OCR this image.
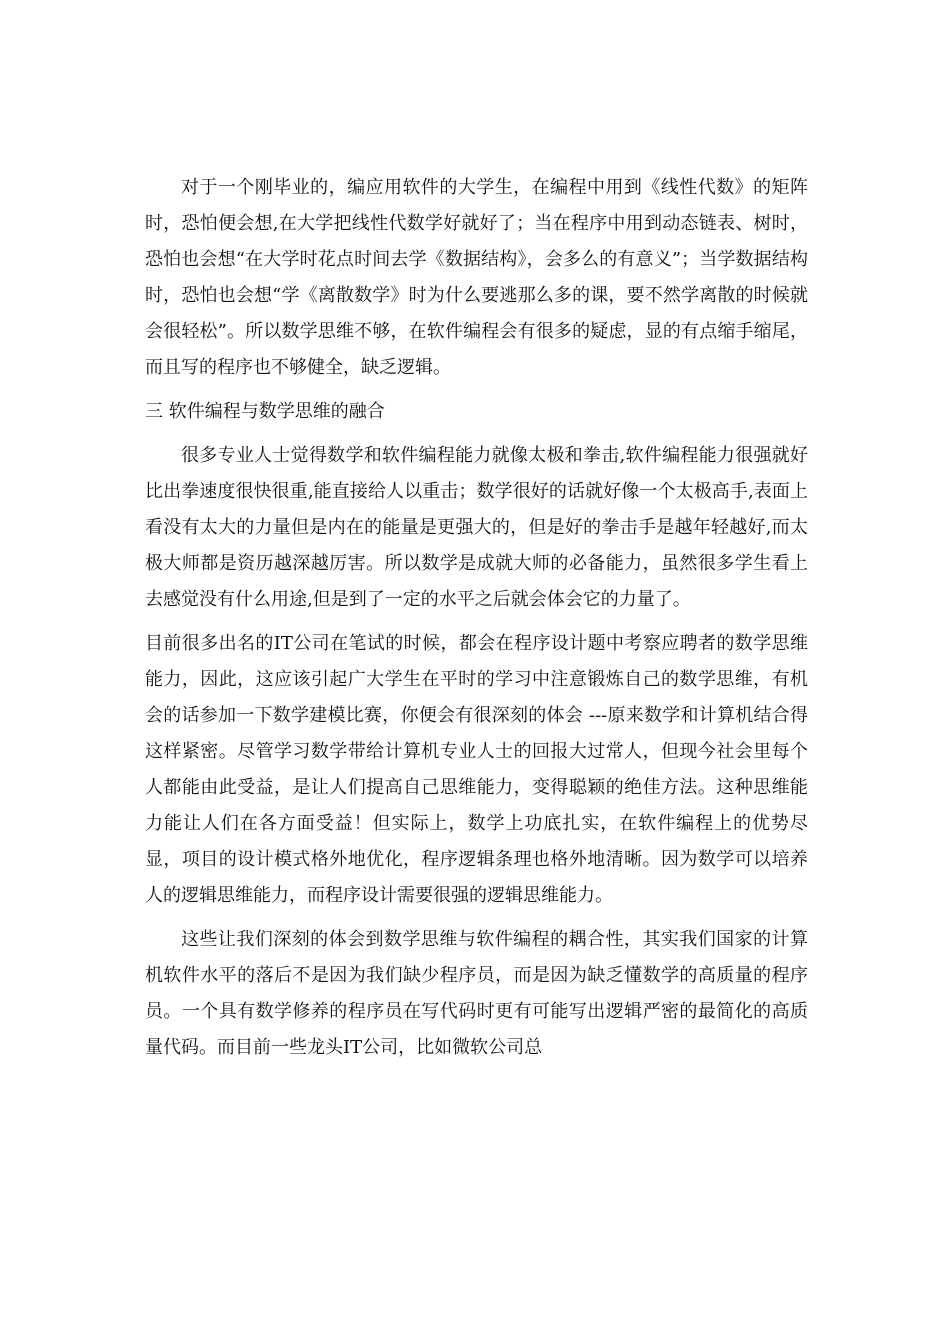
对于一个刚毕业的，编应用软件的大学生，在编程中用到《线性代数》的矩阵时，恐怕便会想,在大学把线性代数学好就好了；当在程序中用到动态链表、树时，恐怕也会想“在大学时花点时间去学《数据结构》，会多么的有意义”；当学数据结构时，恐怕也会想“学《离散数学》时为什么要逃那么多的课，要不然学离散的时候就会很轻松”。所以数学思维不够，在软件编程会有很多的疑虑，显的有点缩手缩尾，而且写的程序也不够健全，缺乏逻辑。

三 软件编程与数学思维的融合

很多专业人士觉得数学和软件编程能力就像太极和拳击,软件编程能力很强就好比出拳速度很快很重,能直接给人以重击；数学很好的话就好像一个太极高手,表面上看没有太大的力量但是内在的能量是更强大的，但是好的拳击手是越年轻越好,而太极大师都是资历越深越厉害。所以数学是成就大师的必备能力，虽然很多学生看上去感觉没有什么用途,但是到了一定的水平之后就会体会它的力量了。

目前很多出名的IT公司在笔试的时候，都会在程序设计题中考察应聘者的数学思维能力，因此，这应该引起广大学生在平时的学习中注意锻炼自己的数学思维，有机会的话参加一下数学建模比赛，你便会有很深刻的体会 ---原来数学和计算机结合得这样紧密。尽管学习数学带给计算机专业人士的回报大过常人，但现今社会里每个人都能由此受益，是让人们提高自己思维能力，变得聪颖的绝佳方法。这种思维能力能让人们在各方面受益！但实际上，数学上功底扎实，在软件编程上的优势尽显，项目的设计模式格外地优化，程序逻辑条理也格外地清晰。因为数学可以培养人的逻辑思维能力，而程序设计需要很强的逻辑思维能力。

这些让我们深刻的体会到数学思维与软件编程的耦合性，其实我们国家的计算机软件水平的落后不是因为我们缺少程序员，而是因为缺乏懂数学的高质量的程序员。一个具有数学修养的程序员在写代码时更有可能写出逻辑严密的最简化的高质量代码。而目前一些龙头IT公司，比如微软公司总
